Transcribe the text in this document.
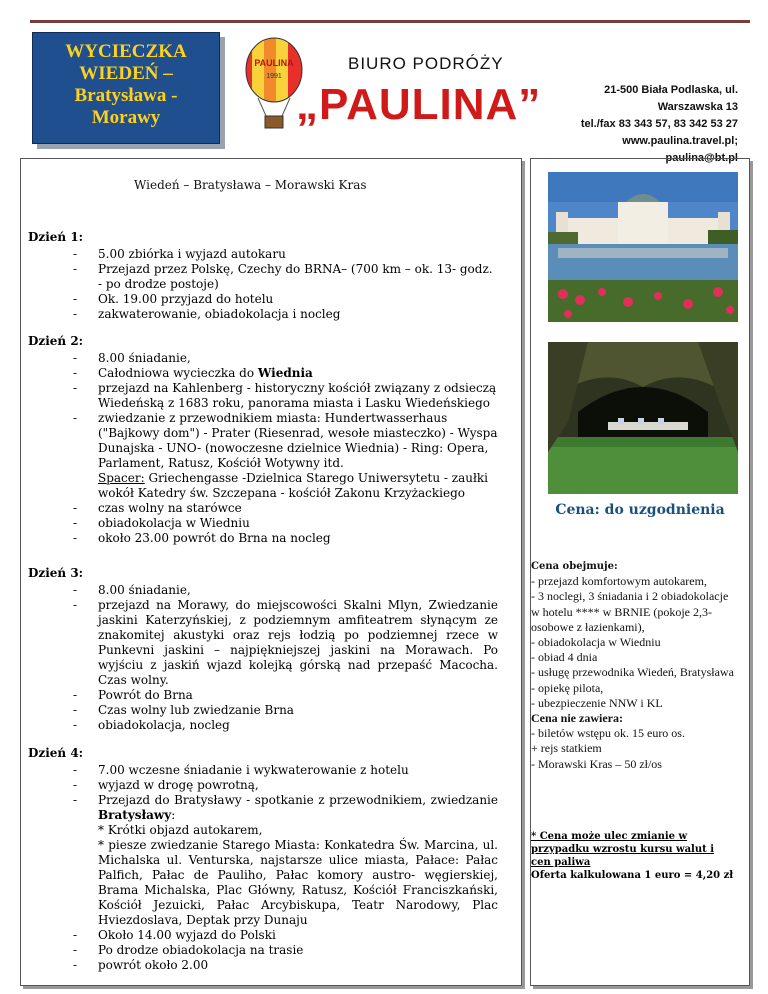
WYCIECZKA
WIEDEŃ –
Bratysława -
Morawy
PAULINA
1991
BIURO PODRÓŻY
„PAULINA”	21-500 Biała Podlaska, ul. Warszawska 13
tel./fax 83 343 57, 83 342 53 27
www.paulina.travel.pl; paulina@bt.pl
Wiedeń – Bratysława – Morawski Kras
Dzień 1:
- 5.00 zbiórka i wyjazd autokaru
- Przejazd przez Polskę, Czechy do BRNA– (700 km – ok. 13- godz. - po drodze postoje)
- Ok. 19.00 przyjazd do hotelu
- zakwaterowanie, obiadokolacja i nocleg
Dzień 2:
- 8.00 śniadanie,
- Całodniowa wycieczka do Wiednia
- przejazd na Kahlenberg - historyczny kościół związany z odsieczą Wiedeńską z 1683 roku, panorama miasta i Lasku Wiedeńskiego
- zwiedzanie z przewodnikiem miasta: Hundertwasserhaus ("Bajkowy dom") - Prater (Riesenrad, wesołe miasteczko) - Wyspa Dunajska - UNO- (nowoczesne dzielnice Wiednia) - Ring: Opera, Parlament, Ratusz, Kościół Wotywny itd.
Spacer: Griechengasse -Dzielnica Starego Uniwersytetu - zaułki wokół Katedry św. Szczepana - kościół Zakonu Krzyżackiego
- czas wolny na starówce
- obiadokolacja w Wiedniu
- około 23.00 powrót do Brna na nocleg
Dzień 3:
- 8.00 śniadanie,
- przejazd na Morawy, do miejscowości Skalni Mlyn, Zwiedzanie jaskini Katerzyńskiej, z podziemnym amfiteatrem słynącym ze znakomitej akustyki oraz rejs łodzią po podziemnej rzece w Punkevni jaskini – najpiękniejszej jaskini na Morawach. Po wyjściu z jaskiń wjazd kolejką górską nad przepaść Macocha. Czas wolny.
- Powrót do Brna
- Czas wolny lub zwiedzanie Brna
- obiadokolacja, nocleg
Dzień 4:
- 7.00 wczesne śniadanie i wykwaterowanie z hotelu
- wyjazd w drogę powrotną,
- Przejazd do Bratysławy - spotkanie z przewodnikiem, zwiedzanie Bratysławy:
* Krótki objazd autokarem,
* piesze zwiedzanie Starego Miasta: Konkatedra Św. Marcina, ul. Michalska ul. Venturska, najstarsze ulice miasta, Pałace: Pałac Palfich, Pałac de Pauliho, Pałac komory austro- węgierskiej, Brama Michalska, Plac Główny, Ratusz, Kościół Franciszkański, Kościół Jezuicki, Pałac Arcybiskupa, Teatr Narodowy, Plac Hviezdoslava, Deptak przy Dunaju
- Około 14.00 wyjazd do Polski
- Po drodze obiadokolacja na trasie
- powrót około 2.00
Cena: do uzgodnienia
Cena obejmuje:
- przejazd komfortowym autokarem,
- 3 noclegi, 3 śniadania i 2 obiadokolacje w hotelu **** w BRNIE (pokoje 2,3-osobowe z łazienkami),
- obiadokolacja w Wiedniu
- obiad 4 dnia
- usługę przewodnika Wiedeń, Bratysława
- opiekę pilota,
- ubezpieczenie NNW i KL
Cena nie zawiera:
- biletów wstępu ok. 15 euro os.
+ rejs statkiem
- Morawski Kras – 50 zł/os
* Cena może ulec zmianie w przypadku wzrostu kursu walut i cen paliwa
Oferta kalkulowana 1 euro = 4,20 zł
